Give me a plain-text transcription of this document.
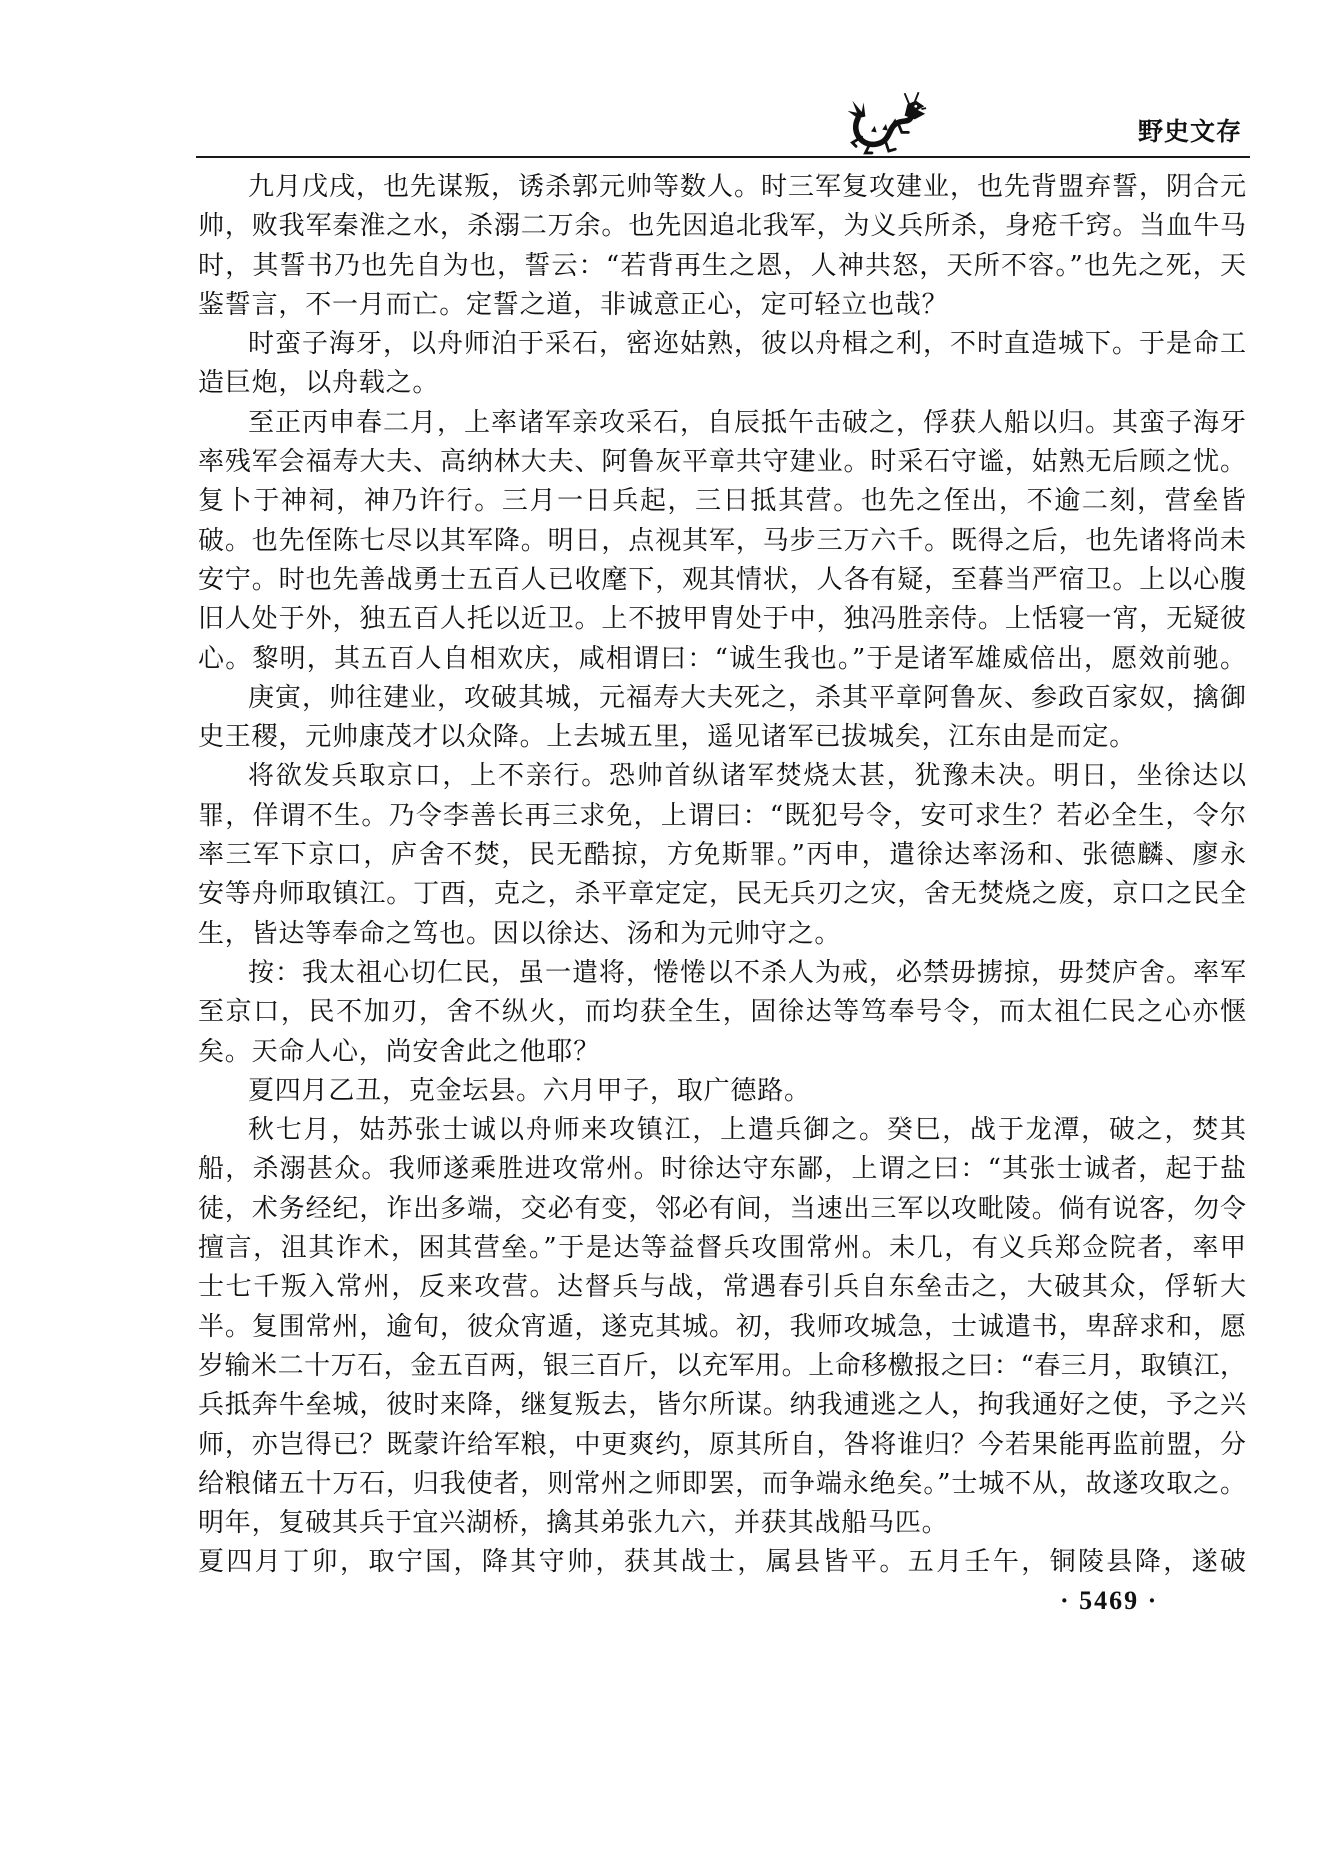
野史文存
九月戊戌，也先谋叛，诱杀郭元帅等数人。时三军复攻建业，也先背盟弃誓，阴合元
帅，败我军秦淮之水，杀溺二万余。也先因追北我军，为义兵所杀，身疮千窍。当血牛马
时，其誓书乃也先自为也，誓云：“若背再生之恩，人神共怒，天所不容。”也先之死，天
鉴誓言，不一月而亡。定誓之道，非诚意正心，定可轻立也哉？
时蛮子海牙，以舟师泊于采石，密迩姑熟，彼以舟楫之利，不时直造城下。于是命工
造巨炮，以舟载之。
至正丙申春二月，上率诸军亲攻采石，自辰抵午击破之，俘获人船以归。其蛮子海牙
率残军会福寿大夫、高纳林大夫、阿鲁灰平章共守建业。时采石守谧，姑熟无后顾之忧。
复卜于神祠，神乃许行。三月一日兵起，三日抵其营。也先之侄出，不逾二刻，营垒皆
破。也先侄陈七尽以其军降。明日，点视其军，马步三万六千。既得之后，也先诸将尚未
安宁。时也先善战勇士五百人已收麾下，观其情状，人各有疑，至暮当严宿卫。上以心腹
旧人处于外，独五百人托以近卫。上不披甲胄处于中，独冯胜亲侍。上恬寝一宵，无疑彼
心。黎明，其五百人自相欢庆，咸相谓曰：“诚生我也。”于是诸军雄威倍出，愿效前驰。
庚寅，帅往建业，攻破其城，元福寿大夫死之，杀其平章阿鲁灰、参政百家奴，擒御
史王稷，元帅康茂才以众降。上去城五里，遥见诸军已拔城矣，江东由是而定。
将欲发兵取京口，上不亲行。恐帅首纵诸军焚烧太甚，犹豫未决。明日，坐徐达以
罪，佯谓不生。乃令李善长再三求免，上谓曰：“既犯号令，安可求生？若必全生，令尔
率三军下京口，庐舍不焚，民无酷掠，方免斯罪。”丙申，遣徐达率汤和、张德麟、廖永
安等舟师取镇江。丁酉，克之，杀平章定定，民无兵刃之灾，舍无焚烧之废，京口之民全
生，皆达等奉命之笃也。因以徐达、汤和为元帅守之。
按：我太祖心切仁民，虽一遣将，惓惓以不杀人为戒，必禁毋掳掠，毋焚庐舍。率军
至京口，民不加刃，舍不纵火，而均获全生，固徐达等笃奉号令，而太祖仁民之心亦惬
矣。天命人心，尚安舍此之他耶？
夏四月乙丑，克金坛县。六月甲子，取广德路。
秋七月，姑苏张士诚以舟师来攻镇江，上遣兵御之。癸巳，战于龙潭，破之，焚其
船，杀溺甚众。我师遂乘胜进攻常州。时徐达守东鄙，上谓之曰：“其张士诚者，起于盐
徒，术务经纪，诈出多端，交必有变，邻必有间，当速出三军以攻毗陵。倘有说客，勿令
擅言，沮其诈术，困其营垒。”于是达等益督兵攻围常州。未几，有义兵郑佥院者，率甲
士七千叛入常州，反来攻营。达督兵与战，常遇春引兵自东垒击之，大破其众，俘斩大
半。复围常州，逾旬，彼众宵遁，遂克其城。初，我师攻城急，士诚遣书，卑辞求和，愿
岁输米二十万石，金五百两，银三百斤，以充军用。上命移檄报之曰：“春三月，取镇江，
兵抵奔牛垒城，彼时来降，继复叛去，皆尔所谋。纳我逋逃之人，拘我通好之使，予之兴
师，亦岂得已？既蒙许给军粮，中更爽约，原其所自，咎将谁归？今若果能再监前盟，分
给粮储五十万石，归我使者，则常州之师即罢，而争端永绝矣。”士城不从，故遂攻取之。
明年，复破其兵于宜兴湖桥，擒其弟张九六，并获其战船马匹。
夏四月丁卯，取宁国，降其守帅，获其战士，属县皆平。五月壬午，铜陵县降，遂破
· 5469 ·
